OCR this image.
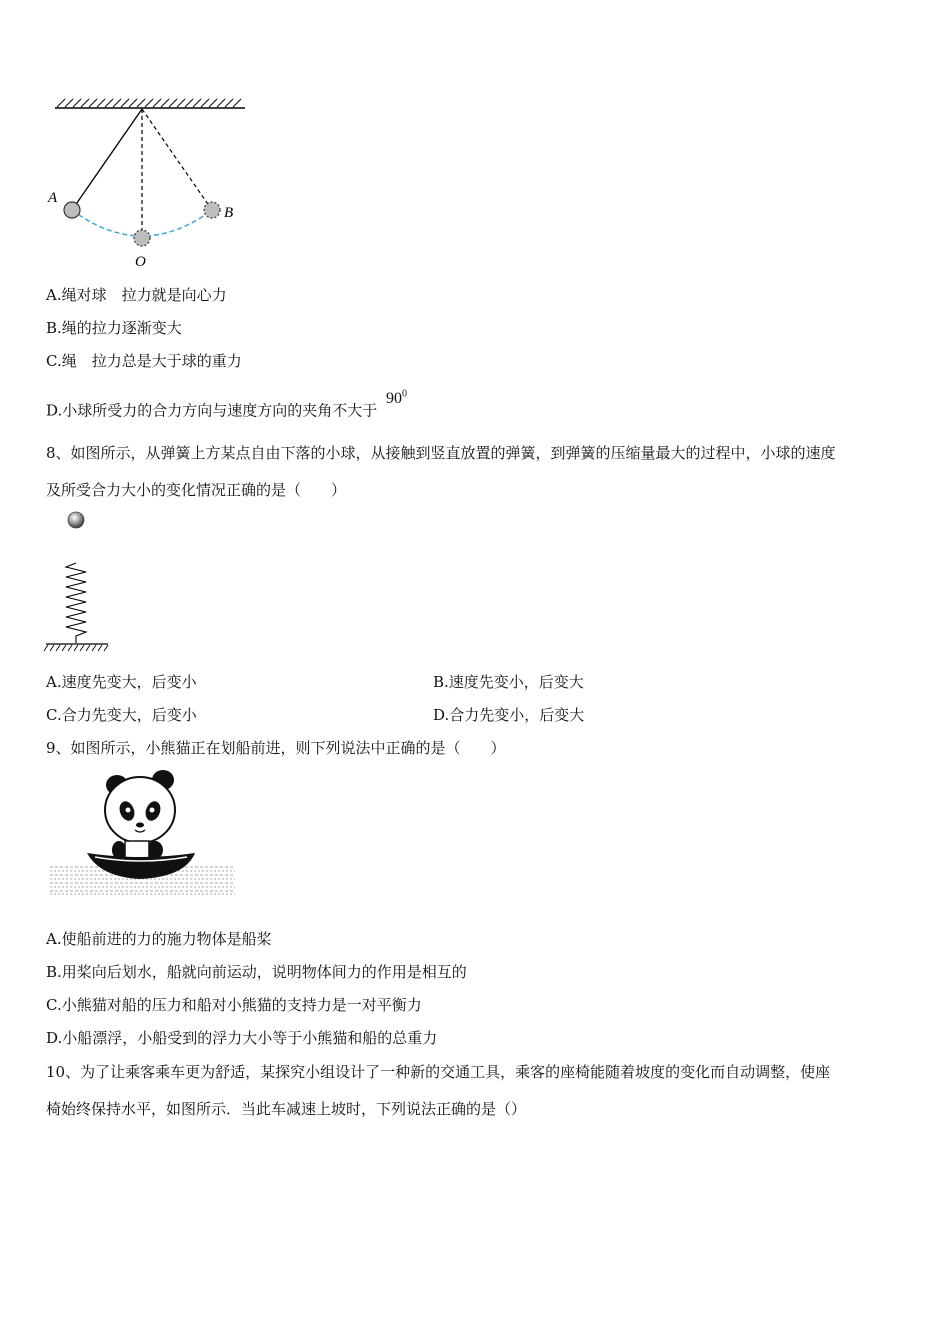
A
B
O
A.绳对球　拉力就是向心力
B.绳的拉力逐渐变大
C.绳　拉力总是大于球的重力
D.小球所受力的合力方向与速度方向的夹角不大于 $90^0$
8、如图所示，从弹簧上方某点自由下落的小球，从接触到竖直放置的弹簧，到弹簧的压缩量最大的过程中，小球的速度
及所受合力大小的变化情况正确的是（　　）
A.速度先变大，后变小	B.速度先变小，后变大
C.合力先变大，后变小	D.合力先变小，后变大
9、如图所示，小熊猫正在划船前进，则下列说法中正确的是（　　）
A.使船前进的力的施力物体是船桨
B.用桨向后划水，船就向前运动，说明物体间力的作用是相互的
C.小熊猫对船的压力和船对小熊猫的支持力是一对平衡力
D.小船漂浮，小船受到的浮力大小等于小熊猫和船的总重力
10、为了让乘客乘车更为舒适，某探究小组设计了一种新的交通工具，乘客的座椅能随着坡度的变化而自动调整，使座
椅始终保持水平，如图所示．当此车减速上坡时，下列说法正确的是（）
